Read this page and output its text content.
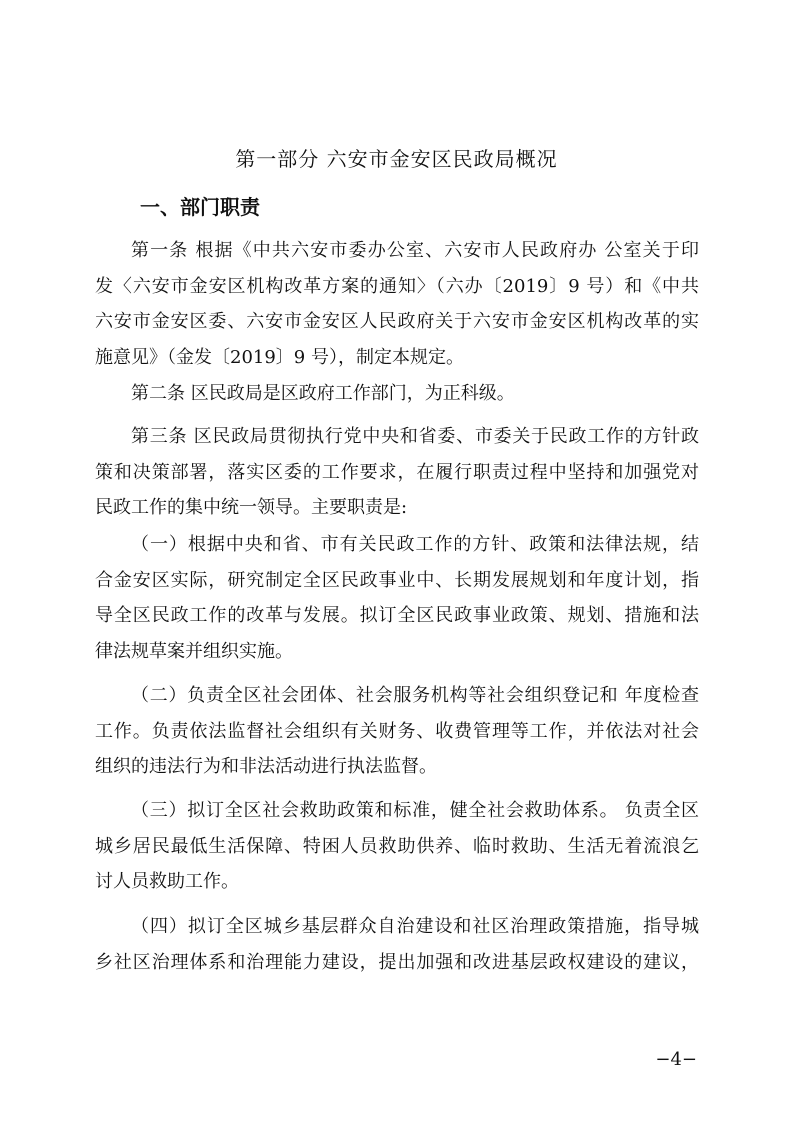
第一部分 六安市金安区民政局概况
一、部门职责
第一条 根据《中共六安市委办公室、六安市人民政府办 公室关于印
发〈六安市金安区机构改革方案的通知〉（六办〔2019〕9 号）和《中共
六安市金安区委、六安市金安区人民政府关于六安市金安区机构改革的实
施意见》（金发〔2019〕9 号），制定本规定。
第二条 区民政局是区政府工作部门，为正科级。
第三条 区民政局贯彻执行党中央和省委、市委关于民政工作的方针政
策和决策部署，落实区委的工作要求，在履行职责过程中坚持和加强党对
民政工作的集中统一领导。主要职责是:
（一）根据中央和省、市有关民政工作的方针、政策和法律法规，结
合金安区实际，研究制定全区民政事业中、长期发展规划和年度计划，指
导全区民政工作的改革与发展。拟订全区民政事业政策、规划、措施和法
律法规草案并组织实施。
（二）负责全区社会团体、社会服务机构等社会组织登记和 年度检查
工作。负责依法监督社会组织有关财务、收费管理等工作，并依法对社会
组织的违法行为和非法活动进行执法监督。
（三）拟订全区社会救助政策和标准，健全社会救助体系。 负责全区
城乡居民最低生活保障、特困人员救助供养、临时救助、生活无着流浪乞
讨人员救助工作。
（四）拟订全区城乡基层群众自治建设和社区治理政策措施，指导城
乡社区治理体系和治理能力建设，提出加强和改进基层政权建设的建议，
−4−
